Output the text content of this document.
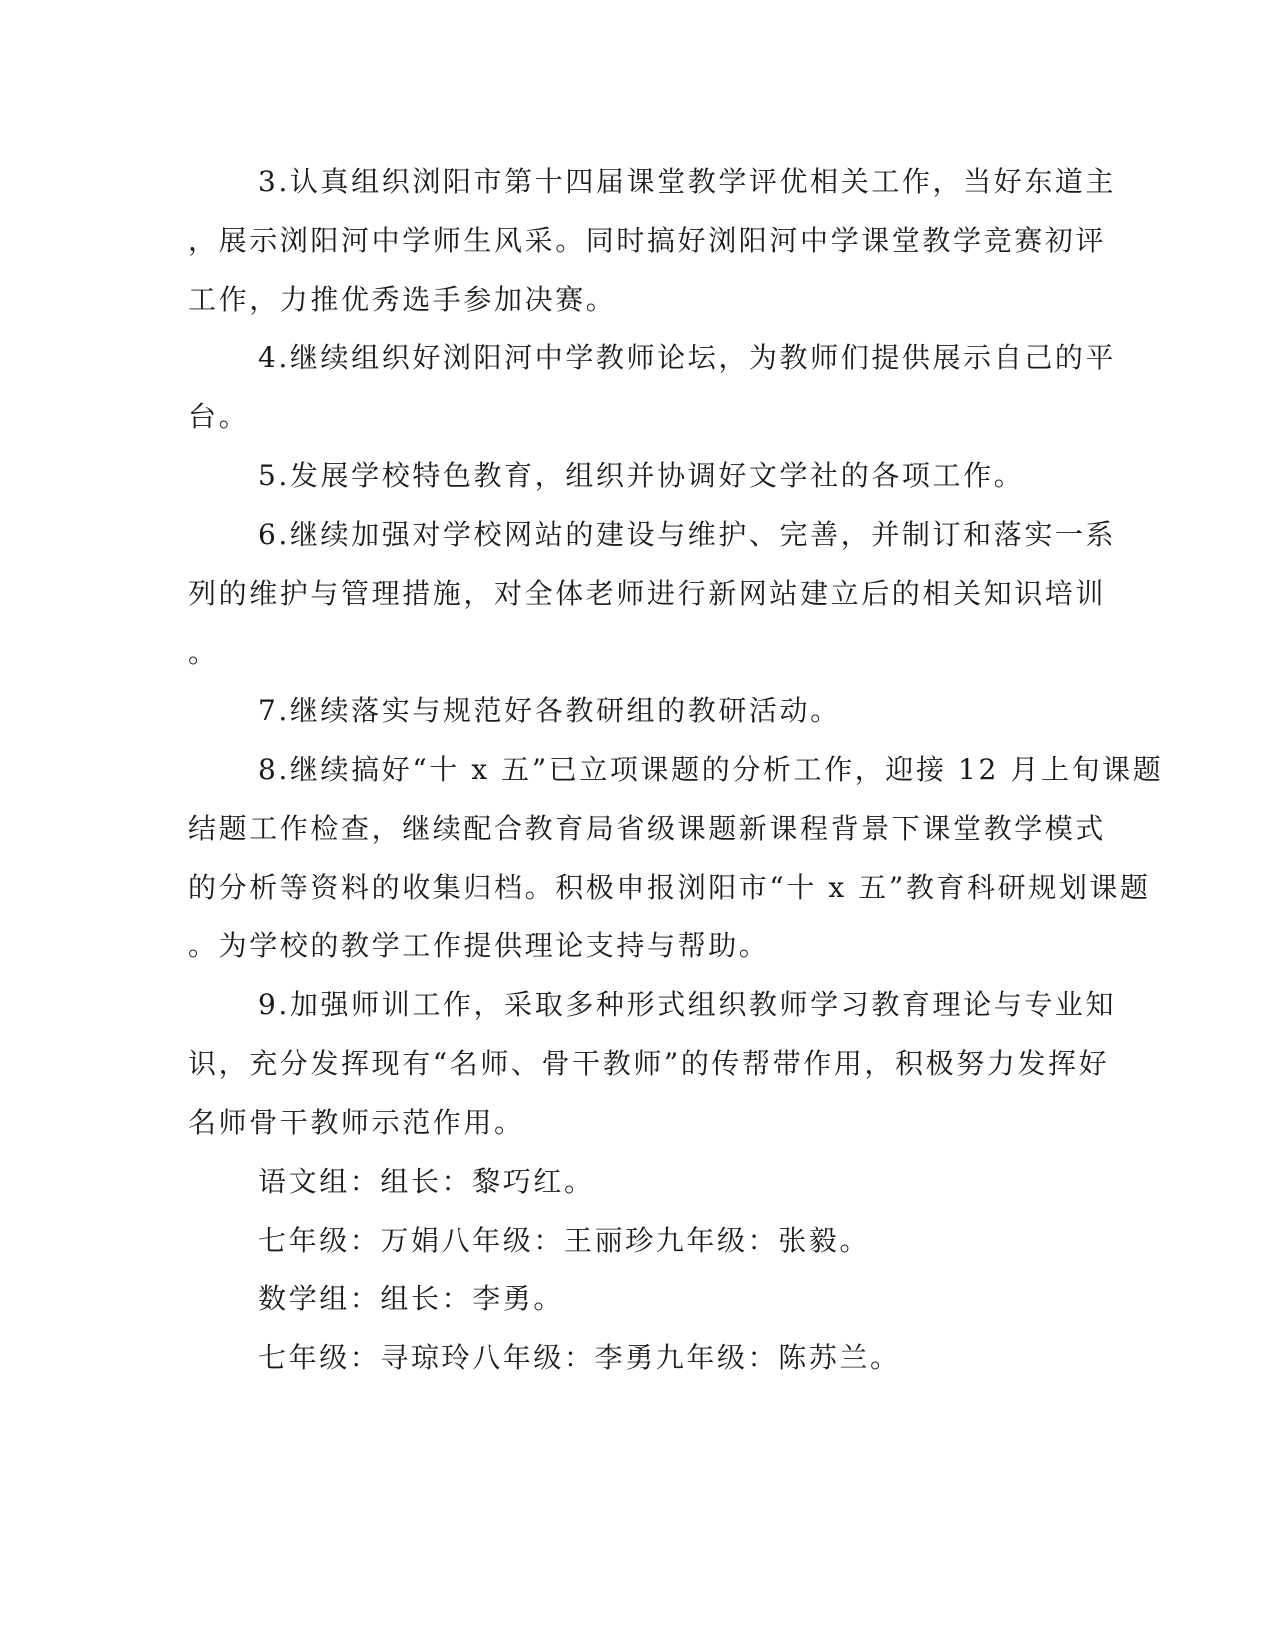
3.认真组织浏阳市第十四届课堂教学评优相关工作，当好东道主
，展示浏阳河中学师生风采。同时搞好浏阳河中学课堂教学竞赛初评
工作，力推优秀选手参加决赛。
4.继续组织好浏阳河中学教师论坛，为教师们提供展示自己的平
台。
5.发展学校特色教育，组织并协调好文学社的各项工作。
6.继续加强对学校网站的建设与维护、完善，并制订和落实一系
列的维护与管理措施，对全体老师进行新网站建立后的相关知识培训
。
7.继续落实与规范好各教研组的教研活动。
8.继续搞好“十 x 五”已立项课题的分析工作，迎接 12 月上旬课题
结题工作检查，继续配合教育局省级课题新课程背景下课堂教学模式
的分析等资料的收集归档。积极申报浏阳市“十 x 五”教育科研规划课题
。为学校的教学工作提供理论支持与帮助。
9.加强师训工作，采取多种形式组织教师学习教育理论与专业知
识，充分发挥现有“名师、骨干教师”的传帮带作用，积极努力发挥好
名师骨干教师示范作用。
语文组：组长：黎巧红。
七年级：万娟八年级：王丽珍九年级：张毅。
数学组：组长：李勇。
七年级：寻琼玲八年级：李勇九年级：陈苏兰。
